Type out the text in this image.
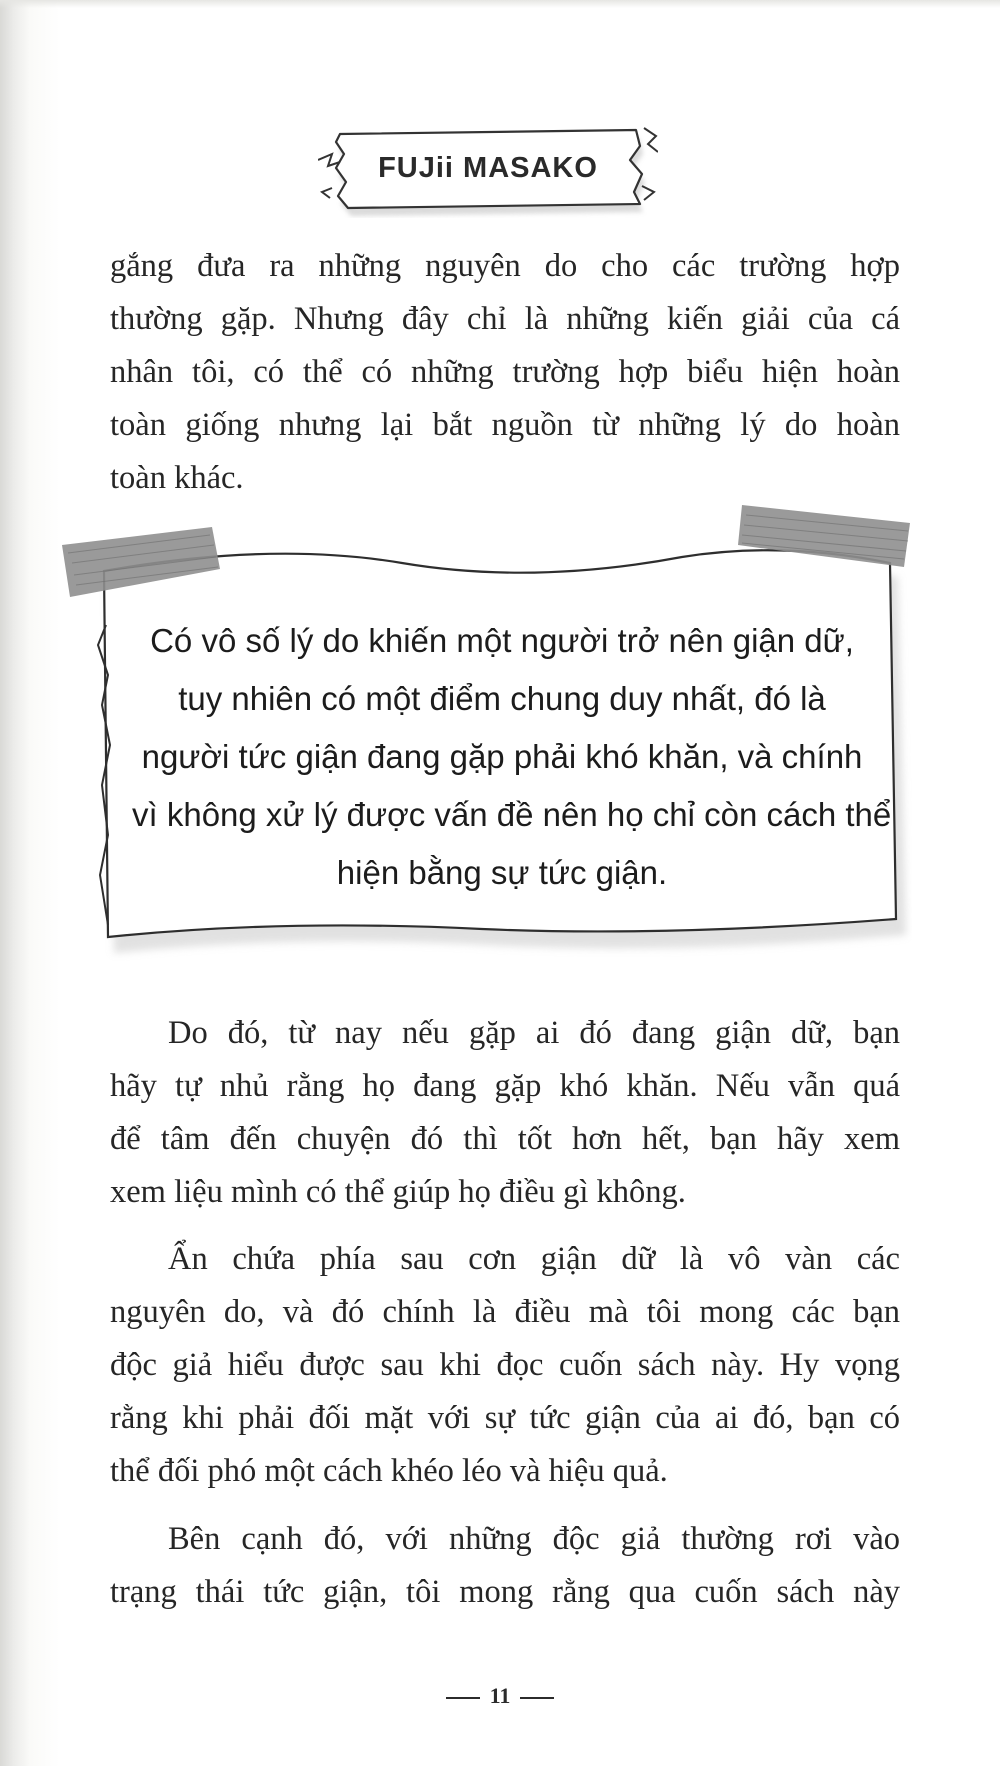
FUJii MASAKO

gắng đưa ra những nguyên do cho các trường hợp
thường gặp. Nhưng đây chỉ là những kiến giải của cá
nhân tôi, có thể có những trường hợp biểu hiện hoàn
toàn giống nhưng lại bắt nguồn từ những lý do hoàn
toàn khác.

Có vô số lý do khiến một người trở nên giận dữ,
tuy nhiên có một điểm chung duy nhất, đó là
người tức giận đang gặp phải khó khăn, và chính
vì không xử lý được vấn đề nên họ chỉ còn cách thể
hiện bằng sự tức giận.

Do đó, từ nay nếu gặp ai đó đang giận dữ, bạn
hãy tự nhủ rằng họ đang gặp khó khăn. Nếu vẫn quá
để tâm đến chuyện đó thì tốt hơn hết, bạn hãy xem
xem liệu mình có thể giúp họ điều gì không.

Ẩn chứa phía sau cơn giận dữ là vô vàn các
nguyên do, và đó chính là điều mà tôi mong các bạn
độc giả hiểu được sau khi đọc cuốn sách này. Hy vọng
rằng khi phải đối mặt với sự tức giận của ai đó, bạn có
thể đối phó một cách khéo léo và hiệu quả.

Bên cạnh đó, với những độc giả thường rơi vào
trạng thái tức giận, tôi mong rằng qua cuốn sách này

11
